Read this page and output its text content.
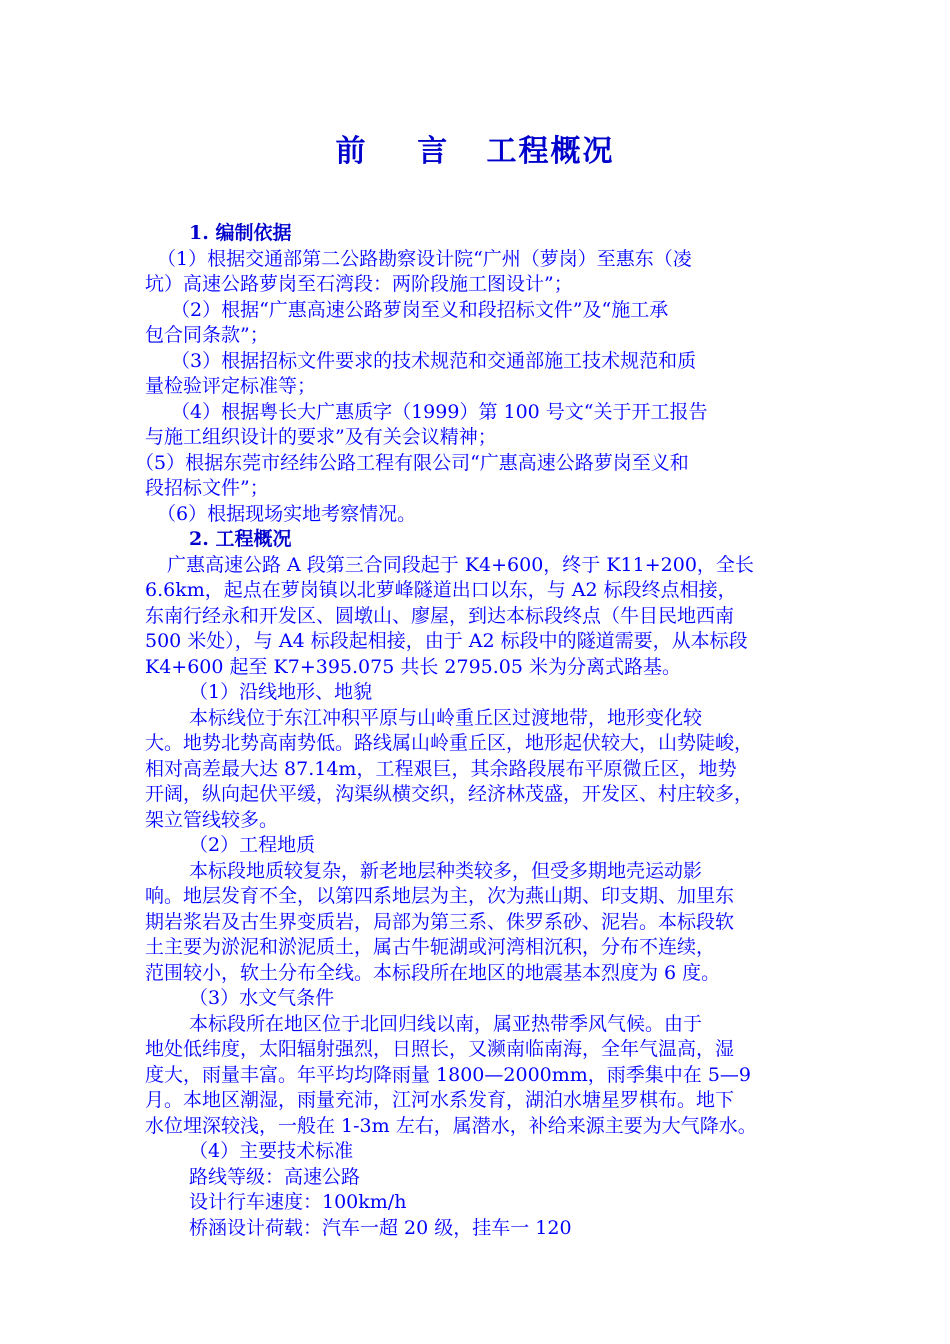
前    言   工程概况
1. 编制依据
（1）根据交通部第二公路勘察设计院“广州（萝岗）至惠东（凌
坑）高速公路萝岗至石湾段：两阶段施工图设计”；
（2）根据“广惠高速公路萝岗至义和段招标文件”及“施工承
包合同条款”；
（3）根据招标文件要求的技术规范和交通部施工技术规范和质
量检验评定标准等；
（4）根据粤长大广惠质字（1999）第 100 号文“关于开工报告
与施工组织设计的要求”及有关会议精神；
（5）根据东莞市经纬公路工程有限公司“广惠高速公路萝岗至义和
段招标文件”；
（6）根据现场实地考察情况。
2. 工程概况
广惠高速公路 A 段第三合同段起于 K4+600，终于 K11+200，全长
6.6km，起点在萝岗镇以北萝峰隧道出口以东，与 A2 标段终点相接，
东南行经永和开发区、圆墩山、廖屋，到达本标段终点（牛目民地西南
500 米处），与 A4 标段起相接，由于 A2 标段中的隧道需要，从本标段
K4+600 起至 K7+395.075 共长 2795.05 米为分离式路基。
（1）沿线地形、地貌
本标线位于东江冲积平原与山岭重丘区过渡地带，地形变化较
大。地势北势高南势低。路线属山岭重丘区，地形起伏较大，山势陡峻，
相对高差最大达 87.14m，工程艰巨，其余路段展布平原微丘区，地势
开阔，纵向起伏平缓，沟渠纵横交织，经济林茂盛，开发区、村庄较多，
架立管线较多。
（2）工程地质
本标段地质较复杂，新老地层种类较多，但受多期地壳运动影
响。地层发育不全，以第四系地层为主，次为燕山期、印支期、加里东
期岩浆岩及古生界变质岩，局部为第三系、侏罗系砂、泥岩。本标段软
土主要为淤泥和淤泥质土，属古牛轭湖或河湾相沉积，分布不连续，
范围较小，软土分布全线。本标段所在地区的地震基本烈度为 6 度。
（3）水文气条件
本标段所在地区位于北回归线以南，属亚热带季风气候。由于
地处低纬度，太阳辐射强烈，日照长，又濒南临南海，全年气温高，湿
度大，雨量丰富。年平均均降雨量 1800—2000mm，雨季集中在 5—9
月。本地区潮湿，雨量充沛，江河水系发育，湖泊水塘星罗棋布。地下
水位埋深较浅，一般在 1-3m 左右，属潜水，补给来源主要为大气降水。
（4）主要技术标准
路线等级：高速公路
设计行车速度：100km/h
桥涵设计荷载：汽车一超 20 级，挂车一 120
